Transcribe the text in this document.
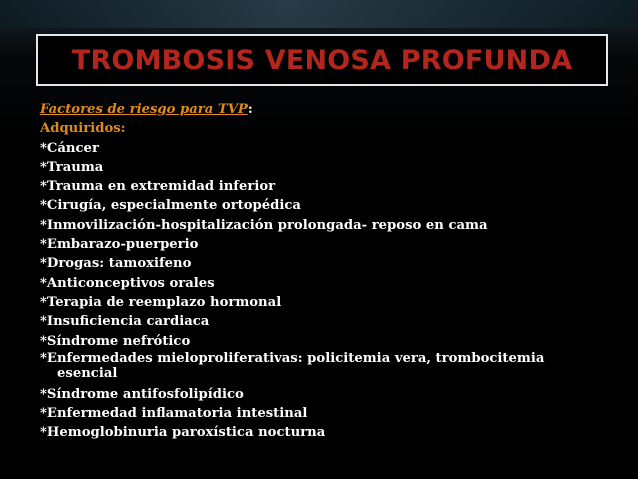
TROMBOSIS VENOSA PROFUNDA
Factores de riesgo para TVP:
Adquiridos:
*Cáncer
*Trauma
*Trauma en extremidad inferior
*Cirugía, especialmente ortopédica
*Inmovilización-hospitalización prolongada- reposo en cama
*Embarazo-puerperio
*Drogas: tamoxifeno
*Anticonceptivos orales
*Terapia de reemplazo hormonal
*Insuficiencia cardiaca
*Síndrome nefrótico
*Enfermedades mieloproliferativas: policitemia vera, trombocitemia
esencial
*Síndrome antifosfolipídico
*Enfermedad inflamatoria intestinal
*Hemoglobinuria paroxística nocturna
